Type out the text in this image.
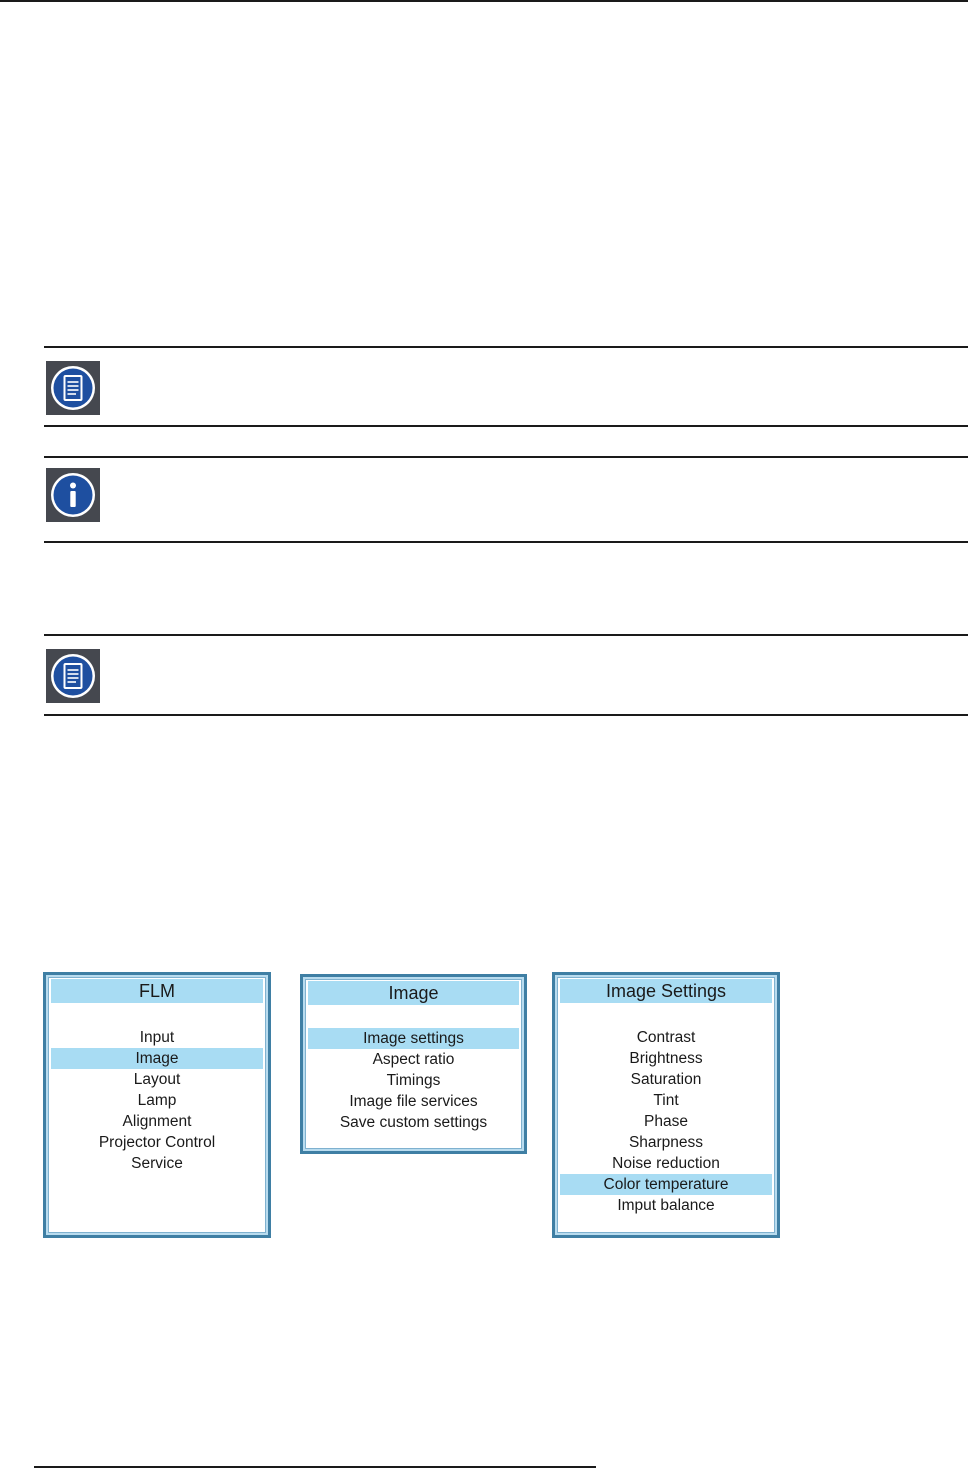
FLM
Input
Image
Layout
Lamp
Alignment
Projector Control
Service
Image
Image settings
Aspect ratio
Timings
Image file services
Save custom settings
Image Settings
Contrast
Brightness
Saturation
Tint
Phase
Sharpness
Noise reduction
Color temperature
Imput balance
